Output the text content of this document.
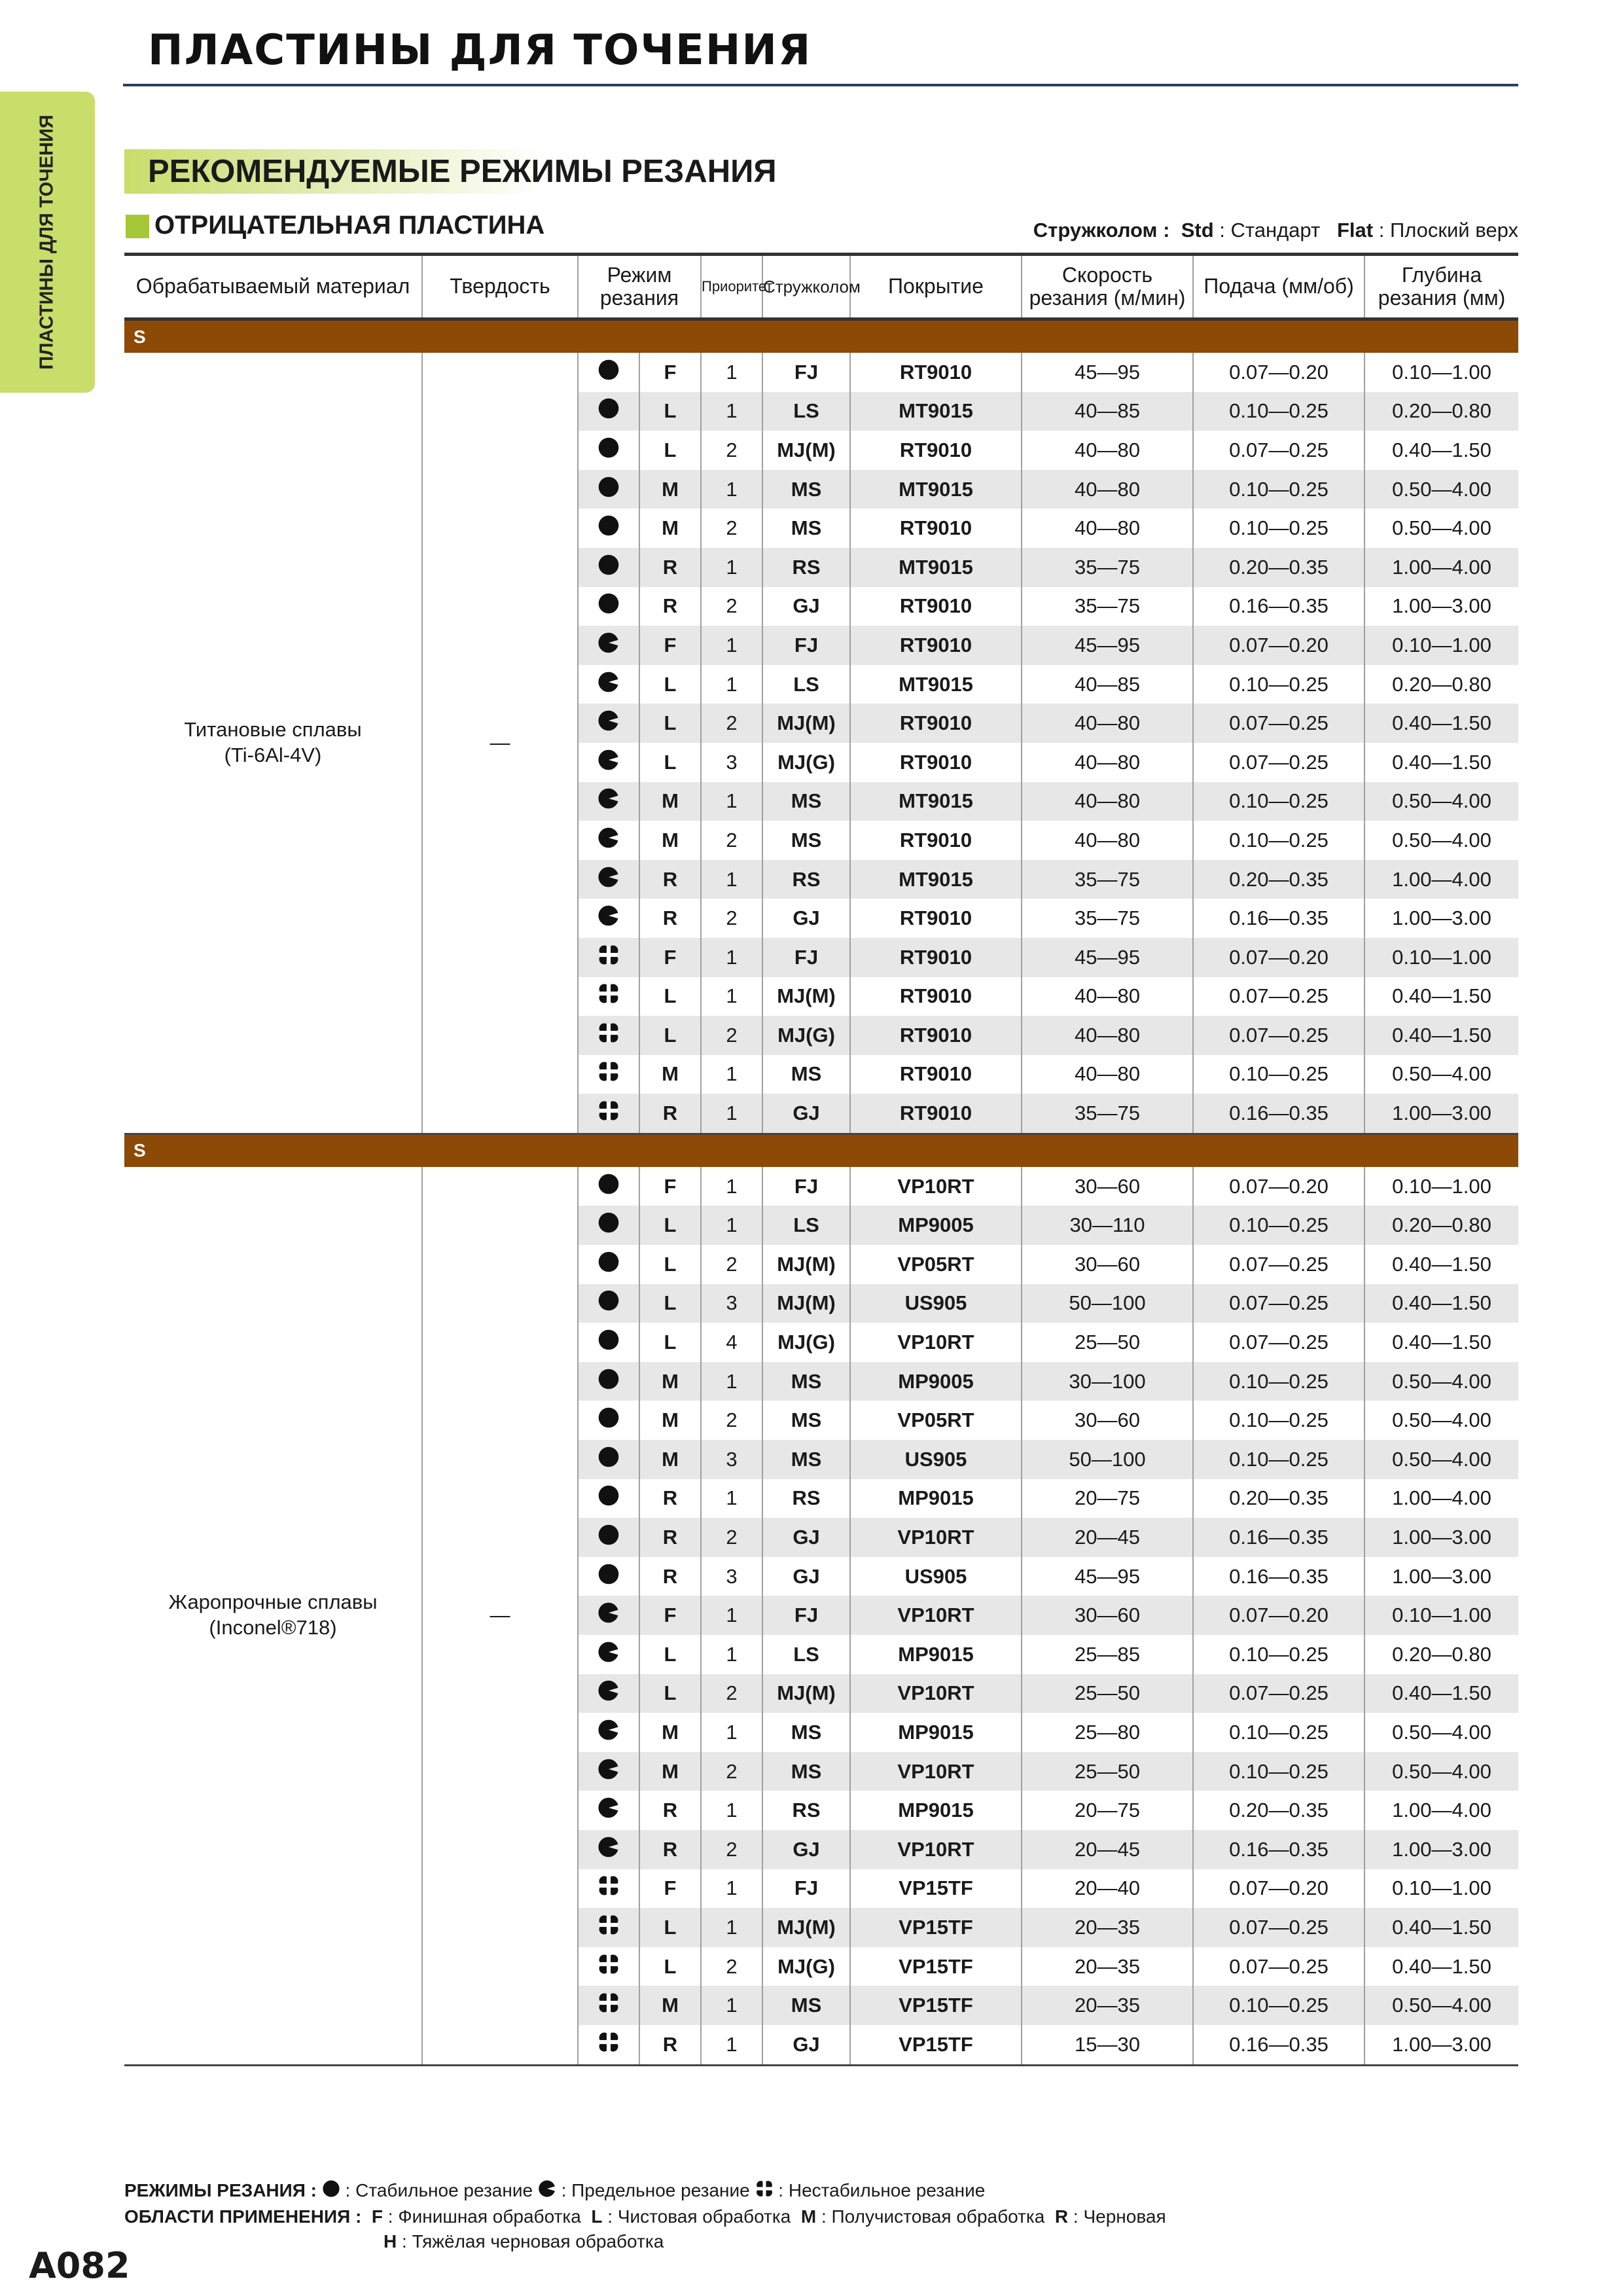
ПЛАСТИНЫ ДЛЯ ТОЧЕНИЯ
ПЛАСТИНЫ ДЛЯ ТОЧЕНИЯ
РЕКОМЕНДУЕМЫЕ РЕЖИМЫ РЕЗАНИЯ
ОТРИЦАТЕЛЬНАЯ ПЛАСТИНА	Стружколом :  Std : Стандарт Flat : Плоский верх
Обрабатываемый материал	Твердость	Режим резания		Приоритет	Стружколом	Покрытие	Скорость резания (м/мин)	Подача (мм/об)	Глубина резания (мм)
S									

Титановые сплавы
(Ti-6Al-4V)	—		F	1	FJ	RT9010	45—95	0.07—0.20	0.10—1.00
	L	1	LS	MT9015	40—85	0.10—0.25	0.20—0.80
	L	2	MJ(M)	RT9010	40—80	0.07—0.25	0.40—1.50
	M	1	MS	MT9015	40—80	0.10—0.25	0.50—4.00
	M	2	MS	RT9010	40—80	0.10—0.25	0.50—4.00
	R	1	RS	MT9015	35—75	0.20—0.35	1.00—4.00
	R	2	GJ	RT9010	35—75	0.16—0.35	1.00—3.00
	F	1	FJ	RT9010	45—95	0.07—0.20	0.10—1.00
	L	1	LS	MT9015	40—85	0.10—0.25	0.20—0.80
	L	2	MJ(M)	RT9010	40—80	0.07—0.25	0.40—1.50
	L	3	MJ(G)	RT9010	40—80	0.07—0.25	0.40—1.50
	M	1	MS	MT9015	40—80	0.10—0.25	0.50—4.00
	M	2	MS	RT9010	40—80	0.10—0.25	0.50—4.00
	R	1	RS	MT9015	35—75	0.20—0.35	1.00—4.00
	R	2	GJ	RT9010	35—75	0.16—0.35	1.00—3.00
	F	1	FJ	RT9010	45—95	0.07—0.20	0.10—1.00
	L	1	MJ(M)	RT9010	40—80	0.07—0.25	0.40—1.50
	L	2	MJ(G)	RT9010	40—80	0.07—0.25	0.40—1.50
	M	1	MS	RT9010	40—80	0.10—0.25	0.50—4.00
	R	1	GJ	RT9010	35—75	0.16—0.35	1.00—3.00
S									

Жаропрочные сплавы
(Inconel®718)	—		F	1	FJ	VP10RT	30—60	0.07—0.20	0.10—1.00
	L	1	LS	MP9005	30—110	0.10—0.25	0.20—0.80
	L	2	MJ(M)	VP05RT	30—60	0.07—0.25	0.40—1.50
	L	3	MJ(M)	US905	50—100	0.07—0.25	0.40—1.50
	L	4	MJ(G)	VP10RT	25—50	0.07—0.25	0.40—1.50
	M	1	MS	MP9005	30—100	0.10—0.25	0.50—4.00
	M	2	MS	VP05RT	30—60	0.10—0.25	0.50—4.00
	M	3	MS	US905	50—100	0.10—0.25	0.50—4.00
	R	1	RS	MP9015	20—75	0.20—0.35	1.00—4.00
	R	2	GJ	VP10RT	20—45	0.16—0.35	1.00—3.00
	R	3	GJ	US905	45—95	0.16—0.35	1.00—3.00
	F	1	FJ	VP10RT	30—60	0.07—0.20	0.10—1.00
	L	1	LS	MP9015	25—85	0.10—0.25	0.20—0.80
	L	2	MJ(M)	VP10RT	25—50	0.07—0.25	0.40—1.50
	M	1	MS	MP9015	25—80	0.10—0.25	0.50—4.00
	M	2	MS	VP10RT	25—50	0.10—0.25	0.50—4.00
	R	1	RS	MP9015	20—75	0.20—0.35	1.00—4.00
	R	2	GJ	VP10RT	20—45	0.16—0.35	1.00—3.00
	F	1	FJ	VP15TF	20—40	0.07—0.20	0.10—1.00
	L	1	MJ(M)	VP15TF	20—35	0.07—0.25	0.40—1.50
	L	2	MJ(G)	VP15TF	20—35	0.07—0.25	0.40—1.50
	M	1	MS	VP15TF	20—35	0.10—0.25	0.50—4.00
	R	1	GJ	VP15TF	15—30	0.16—0.35	1.00—3.00
РЕЖИМЫ РЕЗАНИЯ :  : Стабильное резание  : Предельное резание  : Нестабильное резание
ОБЛАСТИ ПРИМЕНЕНИЯ :  F : Финишная обработка L : Чистовая обработка M : Получистовая обработка R : Черновая
H : Тяжёлая черновая обработка
A082
